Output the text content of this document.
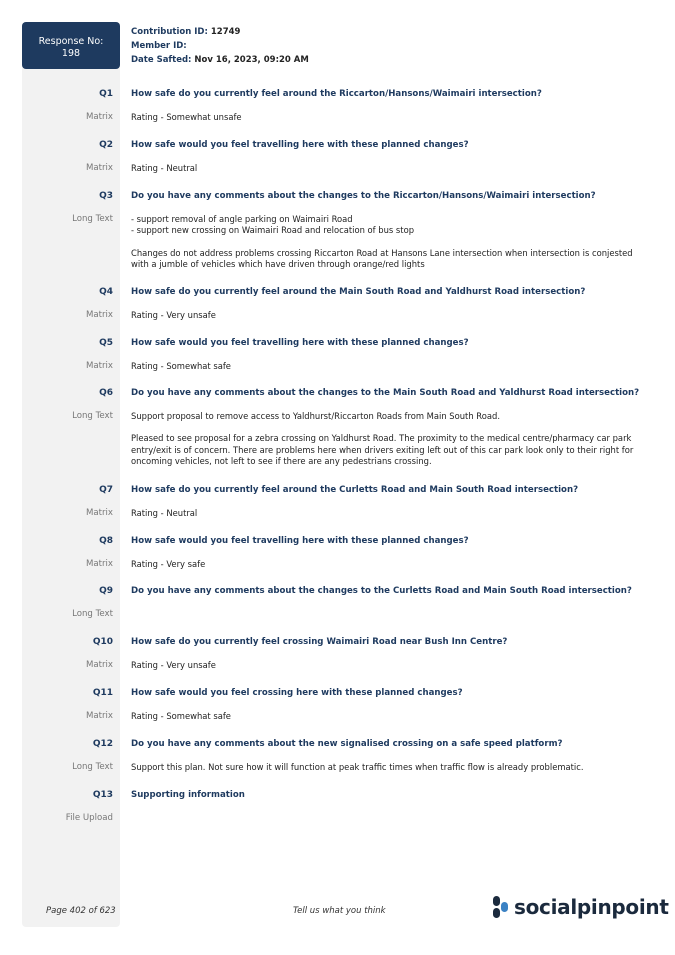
Response No:
198
Contribution ID: 12749
Member ID:
Date Safted: Nov 16, 2023, 09:20 AM
Q1 How safe do you currently feel around the Riccarton/Hansons/Waimairi intersection?
Matrix Rating - Somewhat unsafe

Q2 How safe would you feel travelling here with these planned changes?
Matrix Rating - Neutral

Q3 Do you have any comments about the changes to the Riccarton/Hansons/Waimairi intersection?
Long Text - support removal of angle parking on Waimairi Road
- support new crossing on Waimairi Road and relocation of bus stop

Changes do not address problems crossing Riccarton Road at Hansons Lane intersection when intersection is conjested with a jumble of vehicles which have driven through orange/red lights

Q4 How safe do you currently feel around the Main South Road and Yaldhurst Road intersection?
Matrix Rating - Very unsafe

Q5 How safe would you feel travelling here with these planned changes?
Matrix Rating - Somewhat safe

Q6 Do you have any comments about the changes to the Main South Road and Yaldhurst Road intersection?
Long Text Support proposal to remove access to Yaldhurst/Riccarton Roads from Main South Road.

Pleased to see proposal for a zebra crossing on Yaldhurst Road. The proximity to the medical centre/pharmacy car park entry/exit is of concern. There are problems here when drivers exiting left out of this car park look only to their right for oncoming vehicles, not left to see if there are any pedestrians crossing.

Q7 How safe do you currently feel around the Curletts Road and Main South Road intersection?
Matrix Rating - Neutral

Q8 How safe would you feel travelling here with these planned changes?
Matrix Rating - Very safe

Q9 Do you have any comments about the changes to the Curletts Road and Main South Road intersection?
Long Text
Q10 How safe do you currently feel crossing Waimairi Road near Bush Inn Centre?
Matrix Rating - Very unsafe

Q11 How safe would you feel crossing here with these planned changes?
Matrix Rating - Somewhat safe

Q12 Do you have any comments about the new signalised crossing on a safe speed platform?
Long Text Support this plan. Not sure how it will function at peak traffic times when traffic flow is already problematic.

Q13 Supporting information
File Upload
Page 402 of 623	Tell us what you think	socialpinpoint
